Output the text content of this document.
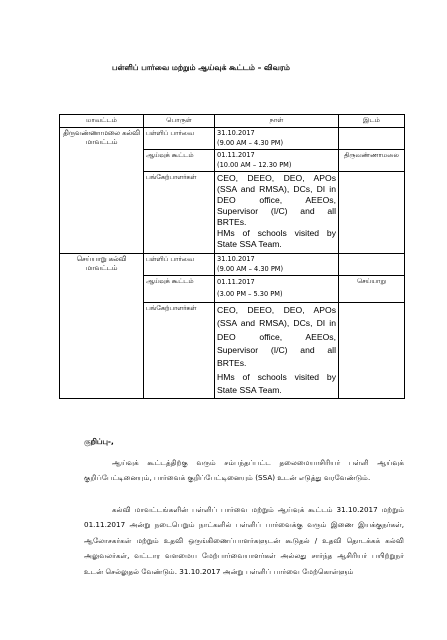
பள்ளிப் பார்வை மற்றும் ஆய்வுக் கூட்டம் – விவரம்
மாவட்டம்	பொருள்	நாள்	இடம்
திருவண்ணாமலை கல்வி மாவட்டம்	பள்ளிப் பார்வை	31.10.2017
(9.00 AM – 4.30 PM)	

	ஆய்வுக் கூட்டம்	01.11.2017
(10.00 AM – 12.30 PM)	திருவண்ணாமலை
	பங்கேற்பாளர்கள்	CEO, DEEO, DEO, APOs (SSA and RMSA), DCs, DI in DEO office, AEEOs, Supervisor (I/C) and all BRTEs.
HMs of schools visited by State SSA Team.	

செய்யாறு கல்வி மாவட்டம்	பள்ளிப் பார்வை	31.10.2017
(9.00 AM – 4.30 PM)	

	ஆய்வுக் கூட்டம்	01.11.2017
(3.00 PM – 5.30 PM)	செய்யாறு
	பங்கேற்பாளர்கள்	CEO, DEEO, DEO, APOs (SSA and RMSA), DCs, DI in DEO office, AEEOs, Supervisor (I/C) and all BRTEs.
HMs of schools visited by State SSA Team.	

குறிப்பு-,
ஆய்வுக் கூட்டத்திற்கு வரும் சம்பந்தப்பட்ட தலைமையாசிரியர் பள்ளி ஆய்வுக் குறிப்பேட்டினையும், பார்வைக் குறிப்பேட்டினையும் (SSA) உடன் எடுத்து வரவேண்டும்.
கல்வி மாவட்டங்களின் பள்ளிப் பார்வை மற்றும் ஆய்வுக் கூட்டம் 31.10.2017 மற்றும் 01.11.2017 அன்று நடைபெறும் நாட்களில் பள்ளிப் பார்வைக்கு வரும் இணை இயக்குநர்கள், ஆலோசகர்கள் மற்றும் உதவி ஒருங்கிணைப்பாளர்களுடன் கூடுதல் / உதவி தொடக்கக் கல்வி அலுவலர்கள், வட்டார வளமைய மேற்பார்வையாளர்கள் அல்லது சார்ந்த ஆசிரியர் பயிற்றுநர் உடன் செல்லுதல் வேண்டும். 31.10.2017 அன்று பள்ளிப் பார்வை மேற்கொள்ளும்
